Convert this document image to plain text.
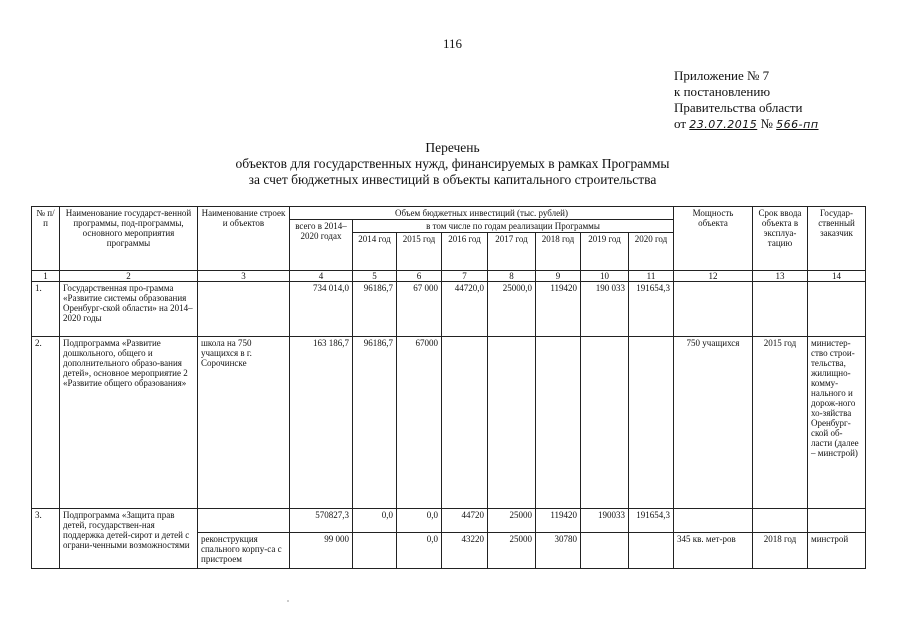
116
Приложение № 7
к постановлению
Правительства области
от 23.07.2015 № 566-пп
Перечень
объектов для государственных нужд, финансируемых в рамках Программы
за счет бюджетных инвестиций в объекты капитального строительства
№ п/п	Наименование государст-венной программы, под-программы, основного мероприятия программы	Наименование строек и объектов	Объем бюджетных инвестиций (тыс. рублей)								Мощность объекта	Срок ввода объекта в эксплуа-тацию	Государ-ственный заказчик
			всего в 2014–2020 годах	в том числе по годам реализации Программы									
				2014 год	2015 год	2016 год	2017 год	2018 год	2019 год	2020 год			
1	2	3	4	5	6	7	8	9	10	11	12	13	14
1.	Государственная про-грамма «Развитие системы образования Оренбург-ской области» на 2014–2020 годы		734 014,0	96186,7	67 000	44720,0	25000,0	119420	190 033	191654,3			
2.	Подпрограмма «Развитие дошкольного, общего и дополнительного образо-вания детей», основное мероприятие 2 «Развитие общего образования»	школа на 750 учащихся в г. Сорочинске	163 186,7	96186,7	67000						750 учащихся	2015 год	министер-ство строи-тельства, жилищно-комму-нального и дорож-ного хо-зяйства Оренбург-ской об-ласти (далее – минстрой)
3.	Подпрограмма «Защита прав детей, государствен-ная поддержка детей-сирот и детей с ограни-ченными возможностями		570827,3	0,0	0,0	44720	25000	119420	190033	191654,3			
		реконструкция спального корпу-са с пристроем	99 000		0,0	43220	25000	30780			345 кв. мет-ров	2018 год	минстрой
